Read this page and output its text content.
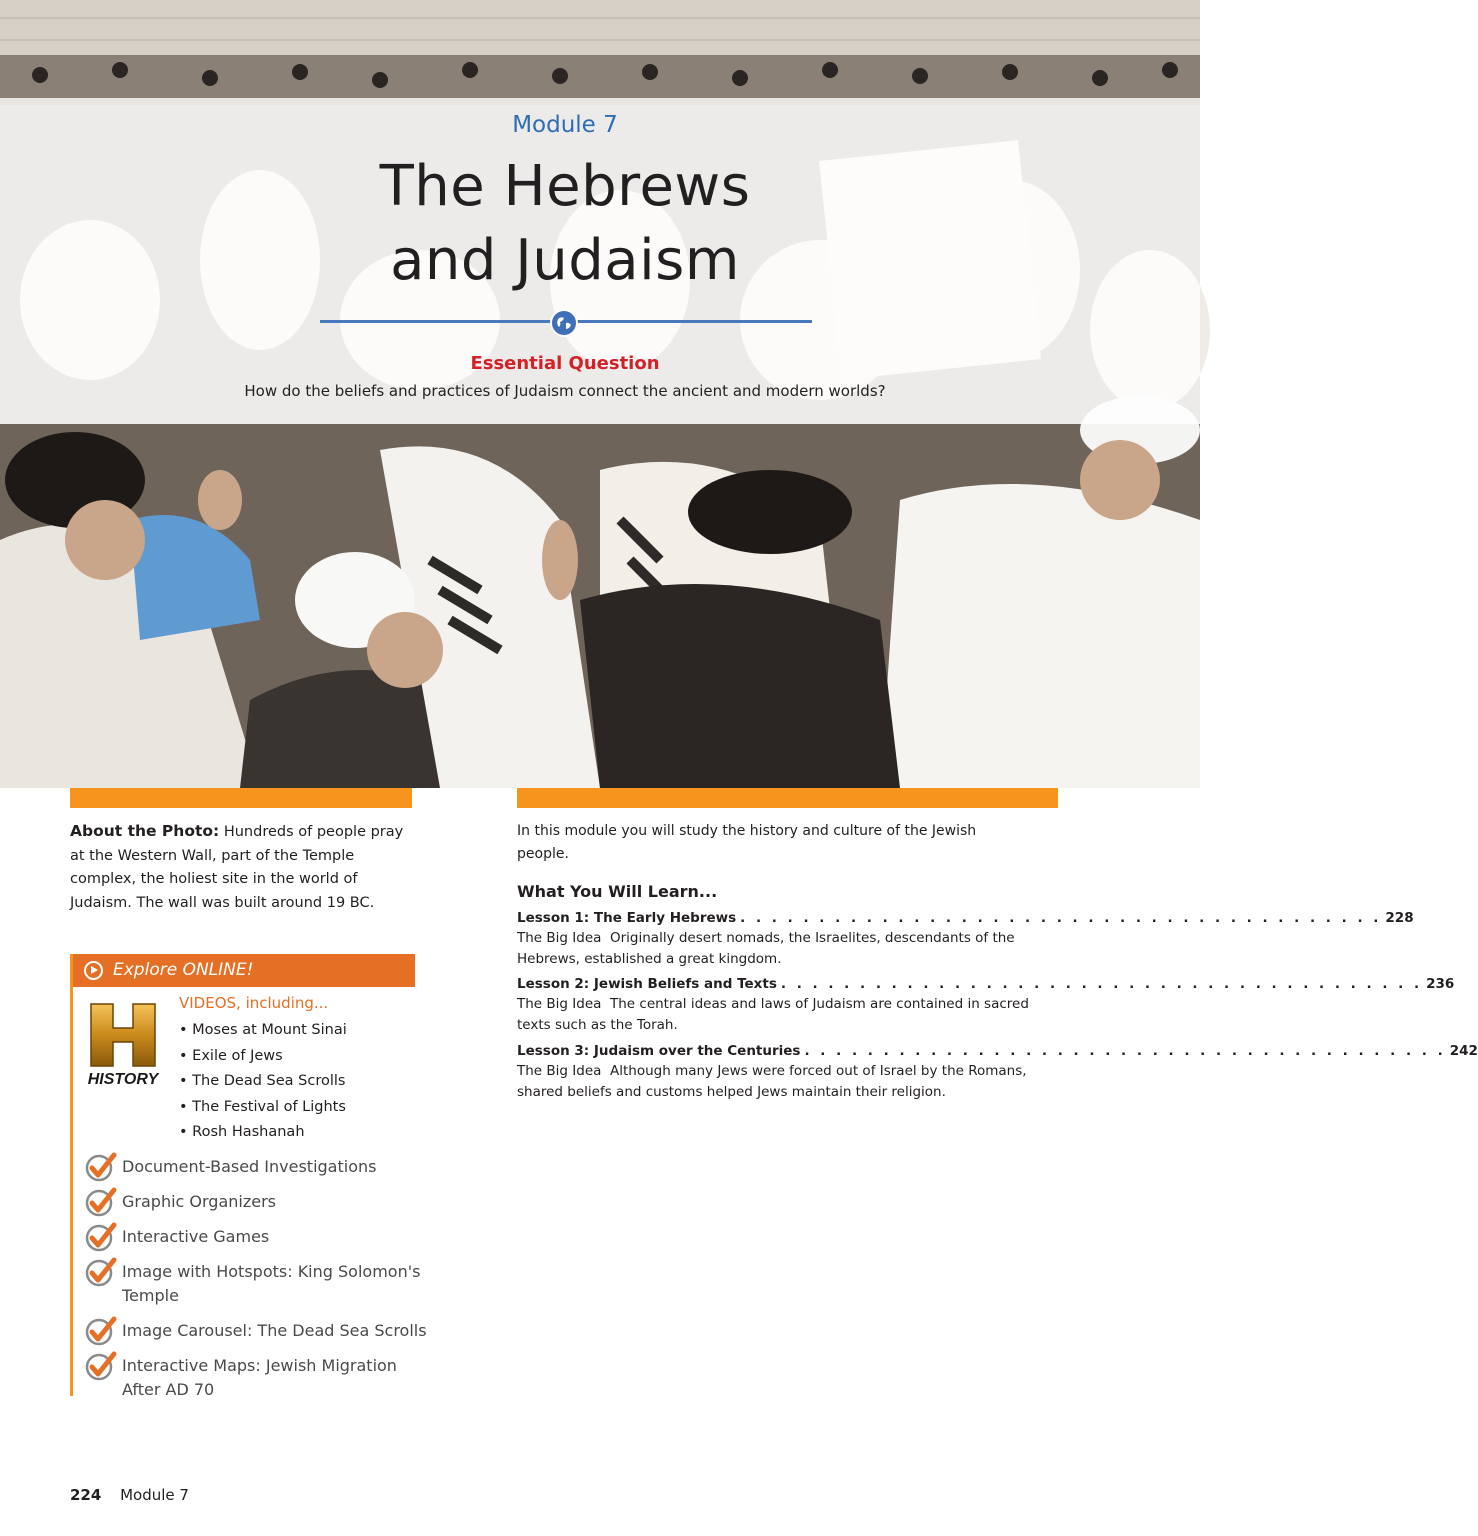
Module 7
The Hebrews
and Judaism
Essential Question
How do the beliefs and practices of Judaism connect the ancient and modern worlds?
About the Photo: Hundreds of people pray at the Western Wall, part of the Temple complex, the holiest site in the world of Judaism. The wall was built around 19 BC.
Explore ONLINE!
HISTORY
VIDEOS, including...
• Moses at Mount Sinai
• Exile of Jews
• The Dead Sea Scrolls
• The Festival of Lights
• Rosh Hashanah
Document-Based Investigations
Graphic Organizers
Interactive Games
Image with Hotspots: King Solomon's Temple
Image Carousel: The Dead Sea Scrolls
Interactive Maps: Jewish Migration After AD 70
In this module you will study the history and culture of the Jewish people.
What You Will Learn...
Lesson 1: The Early Hebrews . . . . . . . . . . . . . . . . . . . . . . . . . . . . . . . . . . . . . . . . . 228
The Big Idea Originally desert nomads, the Israelites, descendants of the Hebrews, established a great kingdom.
Lesson 2: Jewish Beliefs and Texts . . . . . . . . . . . . . . . . . . . . . . . . . . . . . . . . . . . . . . . . . 236
The Big Idea The central ideas and laws of Judaism are contained in sacred texts such as the Torah.
Lesson 3: Judaism over the Centuries . . . . . . . . . . . . . . . . . . . . . . . . . . . . . . . . . . . . . . . . . 242
The Big Idea Although many Jews were forced out of Israel by the Romans, shared beliefs and customs helped Jews maintain their religion.
224 Module 7
